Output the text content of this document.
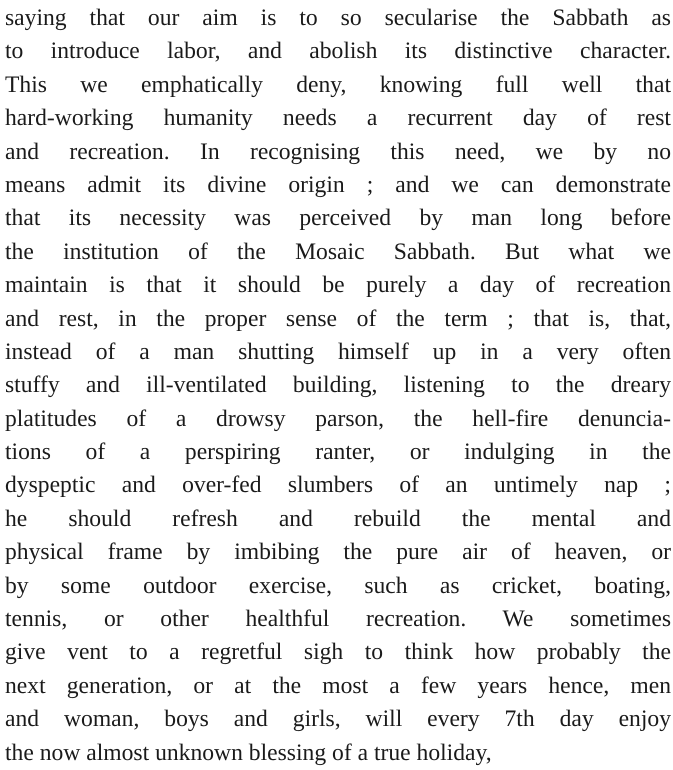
saying that our aim is to so secularise the Sabbath as
to introduce labor, and abolish its distinctive character.
This we emphatically deny, knowing full well that
hard-working humanity needs a recurrent day of rest
and recreation. In recognising this need, we by no
means admit its divine origin ; and we can demonstrate
that its necessity was perceived by man long before
the institution of the Mosaic Sabbath. But what we
maintain is that it should be purely a day of recreation
and rest, in the proper sense of the term ; that is, that,
instead of a man shutting himself up in a very often
stuffy and ill-ventilated building, listening to the dreary
platitudes of a drowsy parson, the hell-fire denuncia-
tions of a perspiring ranter, or indulging in the
dyspeptic and over-fed slumbers of an untimely nap ;
he should refresh and rebuild the mental and
physical frame by imbibing the pure air of heaven, or
by some outdoor exercise, such as cricket, boating,
tennis, or other healthful recreation. We sometimes
give vent to a regretful sigh to think how probably the
next generation, or at the most a few years hence, men
and woman, boys and girls, will every 7th day enjoy
the now almost unknown blessing of a true holiday,
